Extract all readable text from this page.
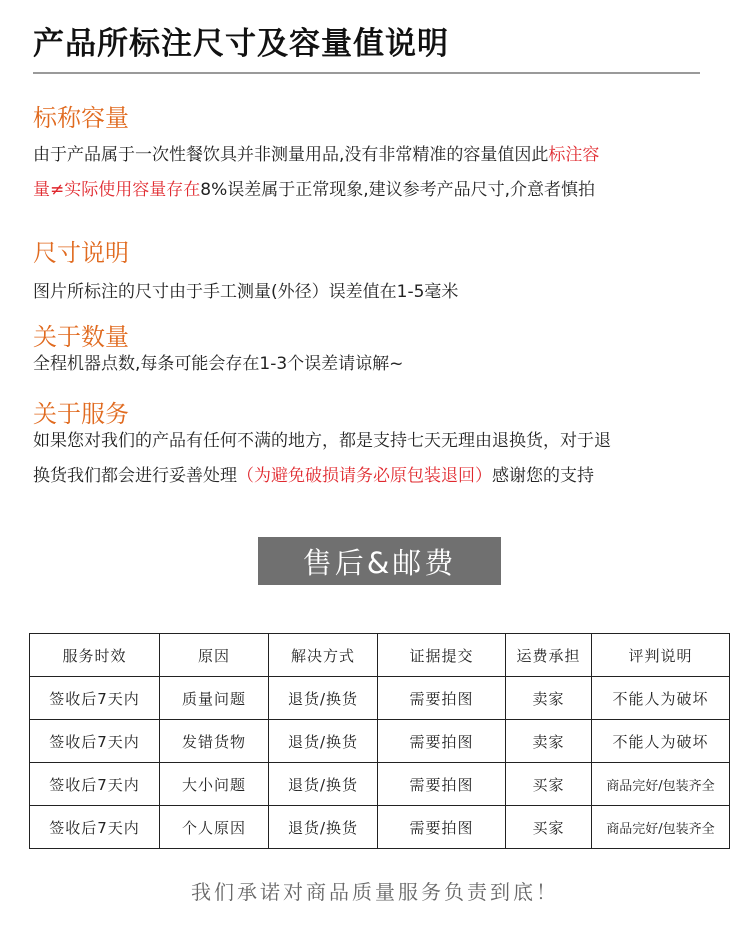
产品所标注尺寸及容量值说明
标称容量
由于产品属于一次性餐饮具并非测量用品,没有非常精准的容量值因此标注容
量≠实际使用容量存在8%误差属于正常现象,建议参考产品尺寸,介意者慎拍
尺寸说明
图片所标注的尺寸由于手工测量(外径）误差值在1-5毫米
关于数量
全程机器点数,每条可能会存在1-3个误差请谅解~
关于服务
如果您对我们的产品有任何不满的地方，都是支持七天无理由退换货，对于退
换货我们都会进行妥善处理（为避免破损请务必原包装退回）感谢您的支持
售后&邮费
服务时效	原因	解决方式	证据提交	运费承担	评判说明
签收后7天内	质量问题	退货/换货	需要拍图	卖家	不能人为破坏
签收后7天内	发错货物	退货/换货	需要拍图	卖家	不能人为破坏
签收后7天内	大小问题	退货/换货	需要拍图	买家	商品完好/包装齐全
签收后7天内	个人原因	退货/换货	需要拍图	买家	商品完好/包装齐全
我们承诺对商品质量服务负责到底！
